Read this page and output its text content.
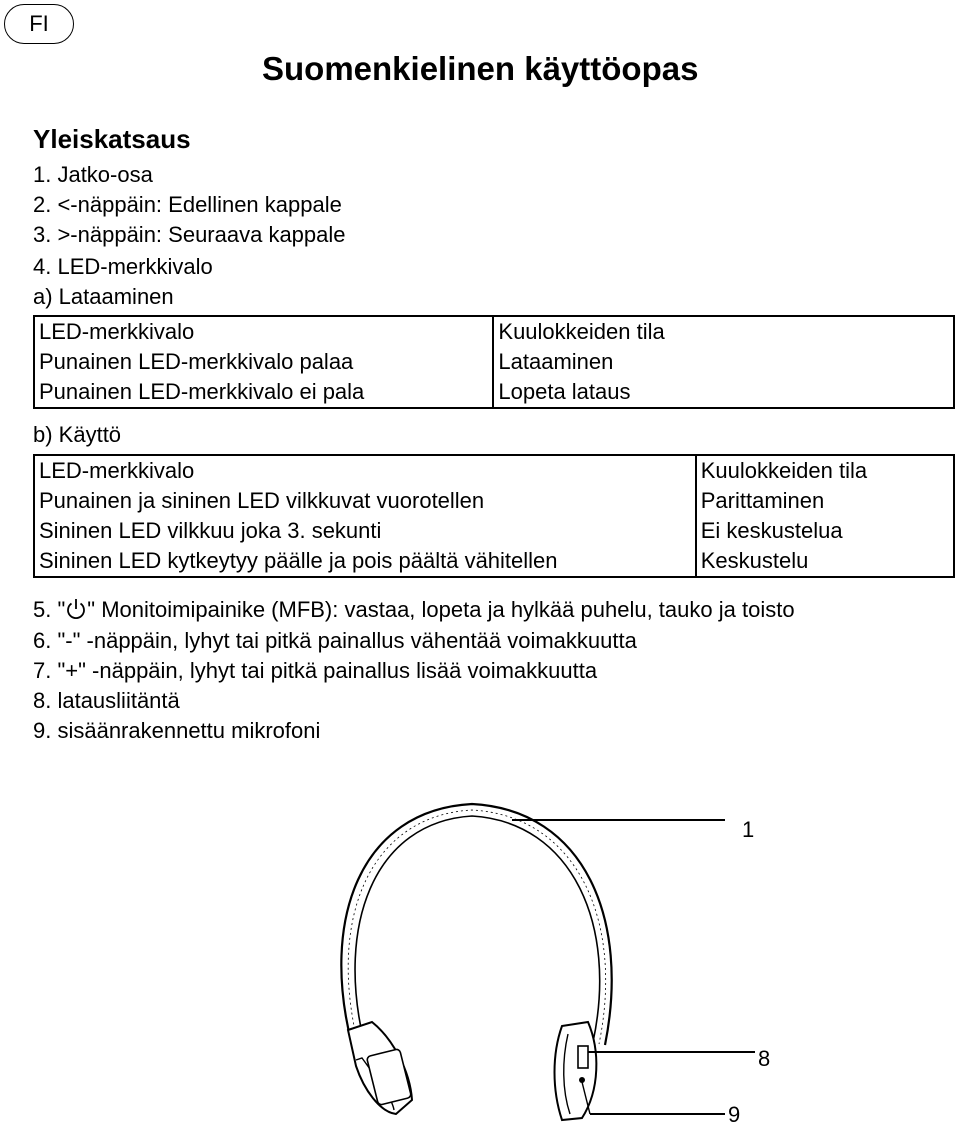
FI
Suomenkielinen käyttöopas
Yleiskatsaus
1. Jatko-osa
2. <-näppäin: Edellinen kappale
3. >-näppäin: Seuraava kappale
4. LED-merkkivalo
a) Lataaminen
LED-merkkivalo	Kuulokkeiden tila
Punainen LED-merkkivalo palaa	Lataaminen
Punainen LED-merkkivalo ei pala	Lopeta lataus
b) Käyttö
LED-merkkivalo	Kuulokkeiden tila
Punainen ja sininen LED vilkkuvat vuorotellen	Parittaminen
Sininen LED vilkkuu joka 3. sekunti	Ei keskustelua
Sininen LED kytkeytyy päälle ja pois päältä vähitellen	Keskustelu
5. " " Monitoimipainike (MFB): vastaa, lopeta ja hylkää puhelu, tauko ja toisto
6. "-" -näppäin, lyhyt tai pitkä painallus vähentää voimakkuutta
7. "+" -näppäin, lyhyt tai pitkä painallus lisää voimakkuutta
8. latausliitäntä
9. sisäänrakennettu mikrofoni
1
8
9
